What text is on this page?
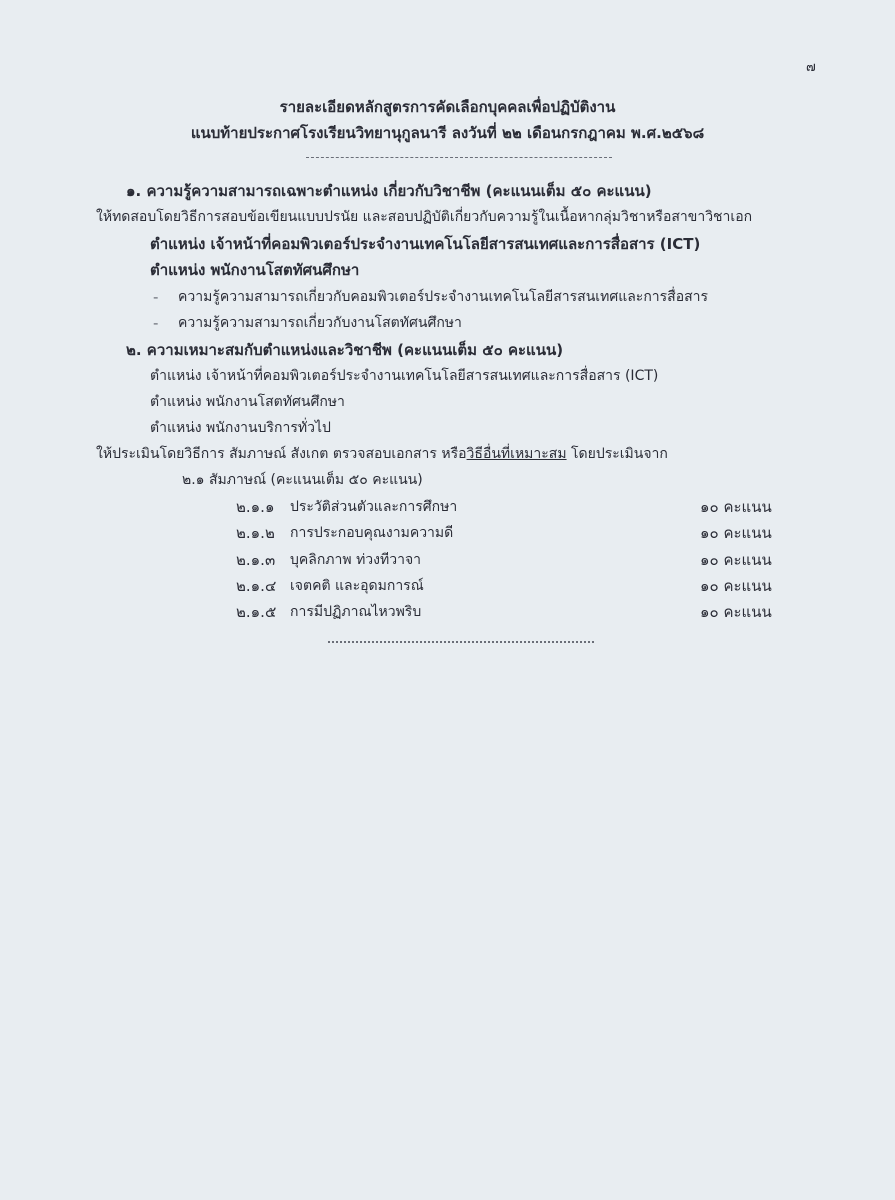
๗
รายละเอียดหลักสูตรการคัดเลือกบุคคลเพื่อปฏิบัติงาน
แนบท้ายประกาศโรงเรียนวิทยานุกูลนารี ลงวันที่ ๒๒ เดือนกรกฎาคม พ.ศ.๒๕๖๘
๑. ความรู้ความสามารถเฉพาะตำแหน่ง เกี่ยวกับวิชาชีพ (คะแนนเต็ม ๕๐ คะแนน)
ให้ทดสอบโดยวิธีการสอบข้อเขียนแบบปรนัย และสอบปฏิบัติเกี่ยวกับความรู้ในเนื้อหากลุ่มวิชาหรือสาขาวิชาเอก
ตำแหน่ง เจ้าหน้าที่คอมพิวเตอร์ประจำงานเทคโนโลยีสารสนเทศและการสื่อสาร (ICT)
ตำแหน่ง พนักงานโสตทัศนศึกษา
- ความรู้ความสามารถเกี่ยวกับคอมพิวเตอร์ประจำงานเทคโนโลยีสารสนเทศและการสื่อสาร
- ความรู้ความสามารถเกี่ยวกับงานโสตทัศนศึกษา
๒. ความเหมาะสมกับตำแหน่งและวิชาชีพ (คะแนนเต็ม ๕๐ คะแนน)
ตำแหน่ง เจ้าหน้าที่คอมพิวเตอร์ประจำงานเทคโนโลยีสารสนเทศและการสื่อสาร (ICT)
ตำแหน่ง พนักงานโสตทัศนศึกษา
ตำแหน่ง พนักงานบริการทั่วไป
ให้ประเมินโดยวิธีการ สัมภาษณ์ สังเกต ตรวจสอบเอกสาร หรือวิธีอื่นที่เหมาะสม โดยประเมินจาก
๒.๑ สัมภาษณ์ (คะแนนเต็ม ๕๐ คะแนน)
๒.๑.๑ ประวัติส่วนตัวและการศึกษา	๑๐ คะแนน
๒.๑.๒ การประกอบคุณงามความดี	๑๐ คะแนน
๒.๑.๓ บุคลิกภาพ ท่วงทีวาจา	๑๐ คะแนน
๒.๑.๔ เจตคติ และอุดมการณ์	๑๐ คะแนน
๒.๑.๕ การมีปฏิภาณไหวพริบ	๑๐ คะแนน
